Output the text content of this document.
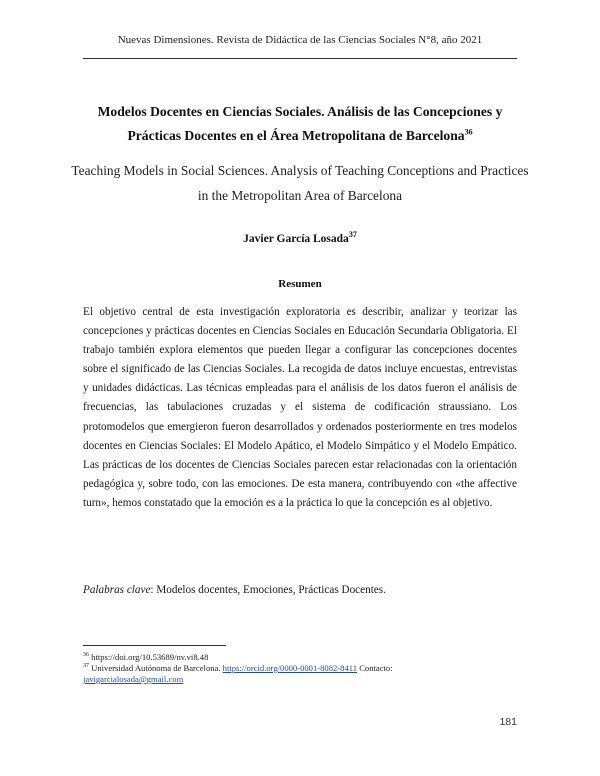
Nuevas Dimensiones. Revista de Didáctica de las Ciencias Sociales N°8, año 2021
Modelos Docentes en Ciencias Sociales. Análisis de las Concepciones y Prácticas Docentes en el Área Metropolitana de Barcelona$^{36}$
Teaching Models in Social Sciences. Analysis of Teaching Conceptions and Practices in the Metropolitan Area of Barcelona
Javier García Losada$^{37}$
Resumen
El objetivo central de esta investigación exploratoria es describir, analizar y teorizar las concepciones y prácticas docentes en Ciencias Sociales en Educación Secundaria Obligatoria. El trabajo también explora elementos que pueden llegar a configurar las concepciones docentes sobre el significado de las Ciencias Sociales. La recogida de datos incluye encuestas, entrevistas y unidades didácticas. Las técnicas empleadas para el análisis de los datos fueron el análisis de frecuencias, las tabulaciones cruzadas y el sistema de codificación straussiano. Los protomodelos que emergieron fueron desarrollados y ordenados posteriormente en tres modelos docentes en Ciencias Sociales: El Modelo Apático, el Modelo Simpático y el Modelo Empático. Las prácticas de los docentes de Ciencias Sociales parecen estar relacionadas con la orientación pedagógica y, sobre todo, con las emociones. De esta manera, contribuyendo con «the affective turn», hemos constatado que la emoción es a la práctica lo que la concepción es al objetivo.
Palabras clave: Modelos docentes, Emociones, Prácticas Docentes.
$^{36}$ https://doi.org/10.53689/nv.vi8.48
$^{37}$ Universidad Autónoma de Barcelona. https://orcid.org/0000-0001-8082-8411 Contacto:
javigarcialosada@gmail.com
181
